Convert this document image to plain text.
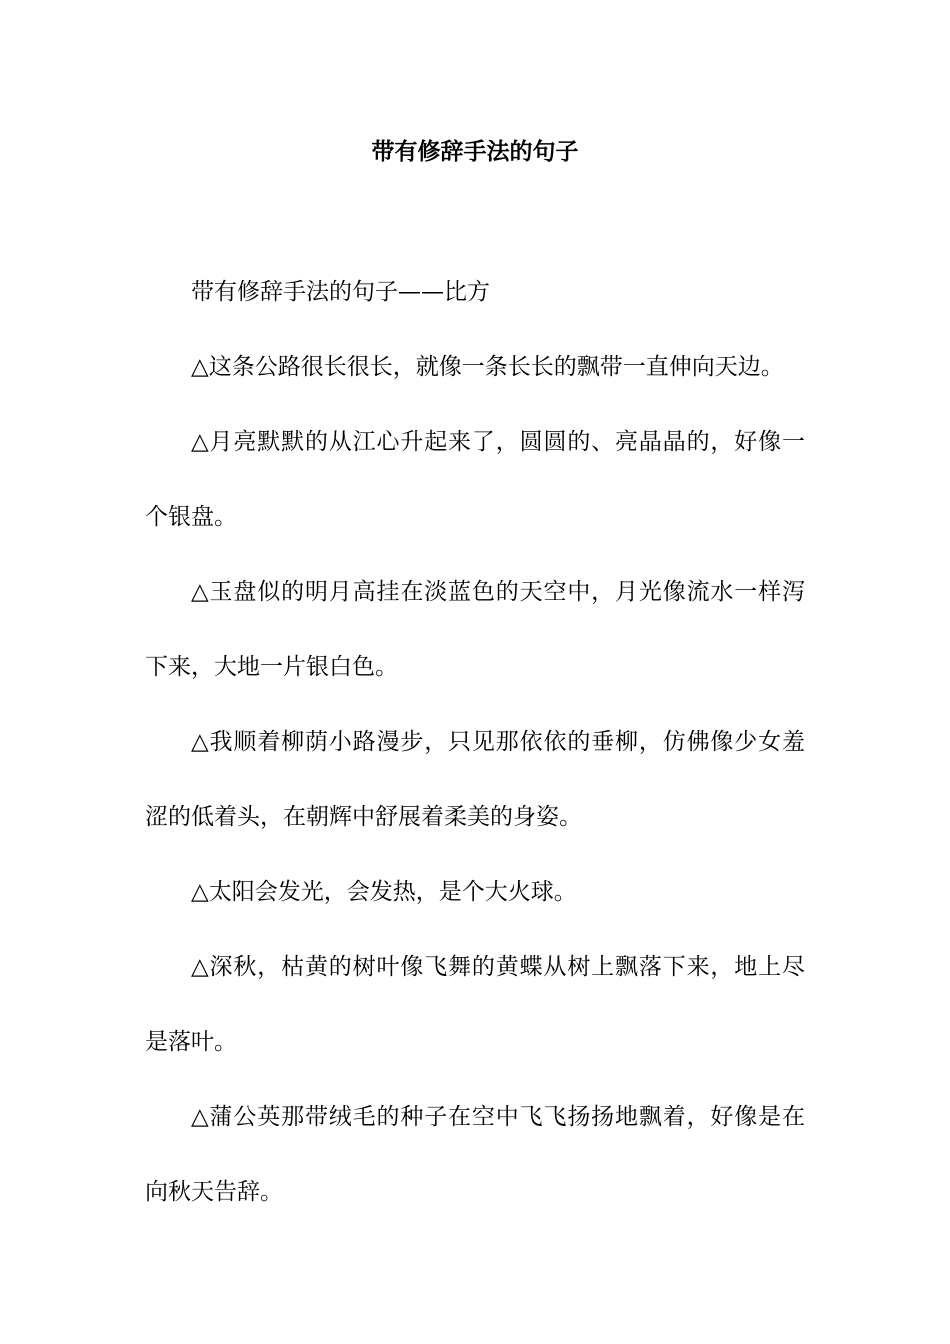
带有修辞手法的句子

带有修辞手法的句子——比方

△这条公路很长很长，就像一条长长的飘带一直伸向天边。

△月亮默默的从江心升起来了，圆圆的、亮晶晶的，好像一个银盘。

△玉盘似的明月高挂在淡蓝色的天空中，月光像流水一样泻下来，大地一片银白色。

△我顺着柳荫小路漫步，只见那依依的垂柳，仿佛像少女羞涩的低着头，在朝辉中舒展着柔美的身姿。

△太阳会发光，会发热，是个大火球。

△深秋，枯黄的树叶像飞舞的黄蝶从树上飘落下来，地上尽是落叶。

△蒲公英那带绒毛的种子在空中飞飞扬扬地飘着，好像是在向秋天告辞。
